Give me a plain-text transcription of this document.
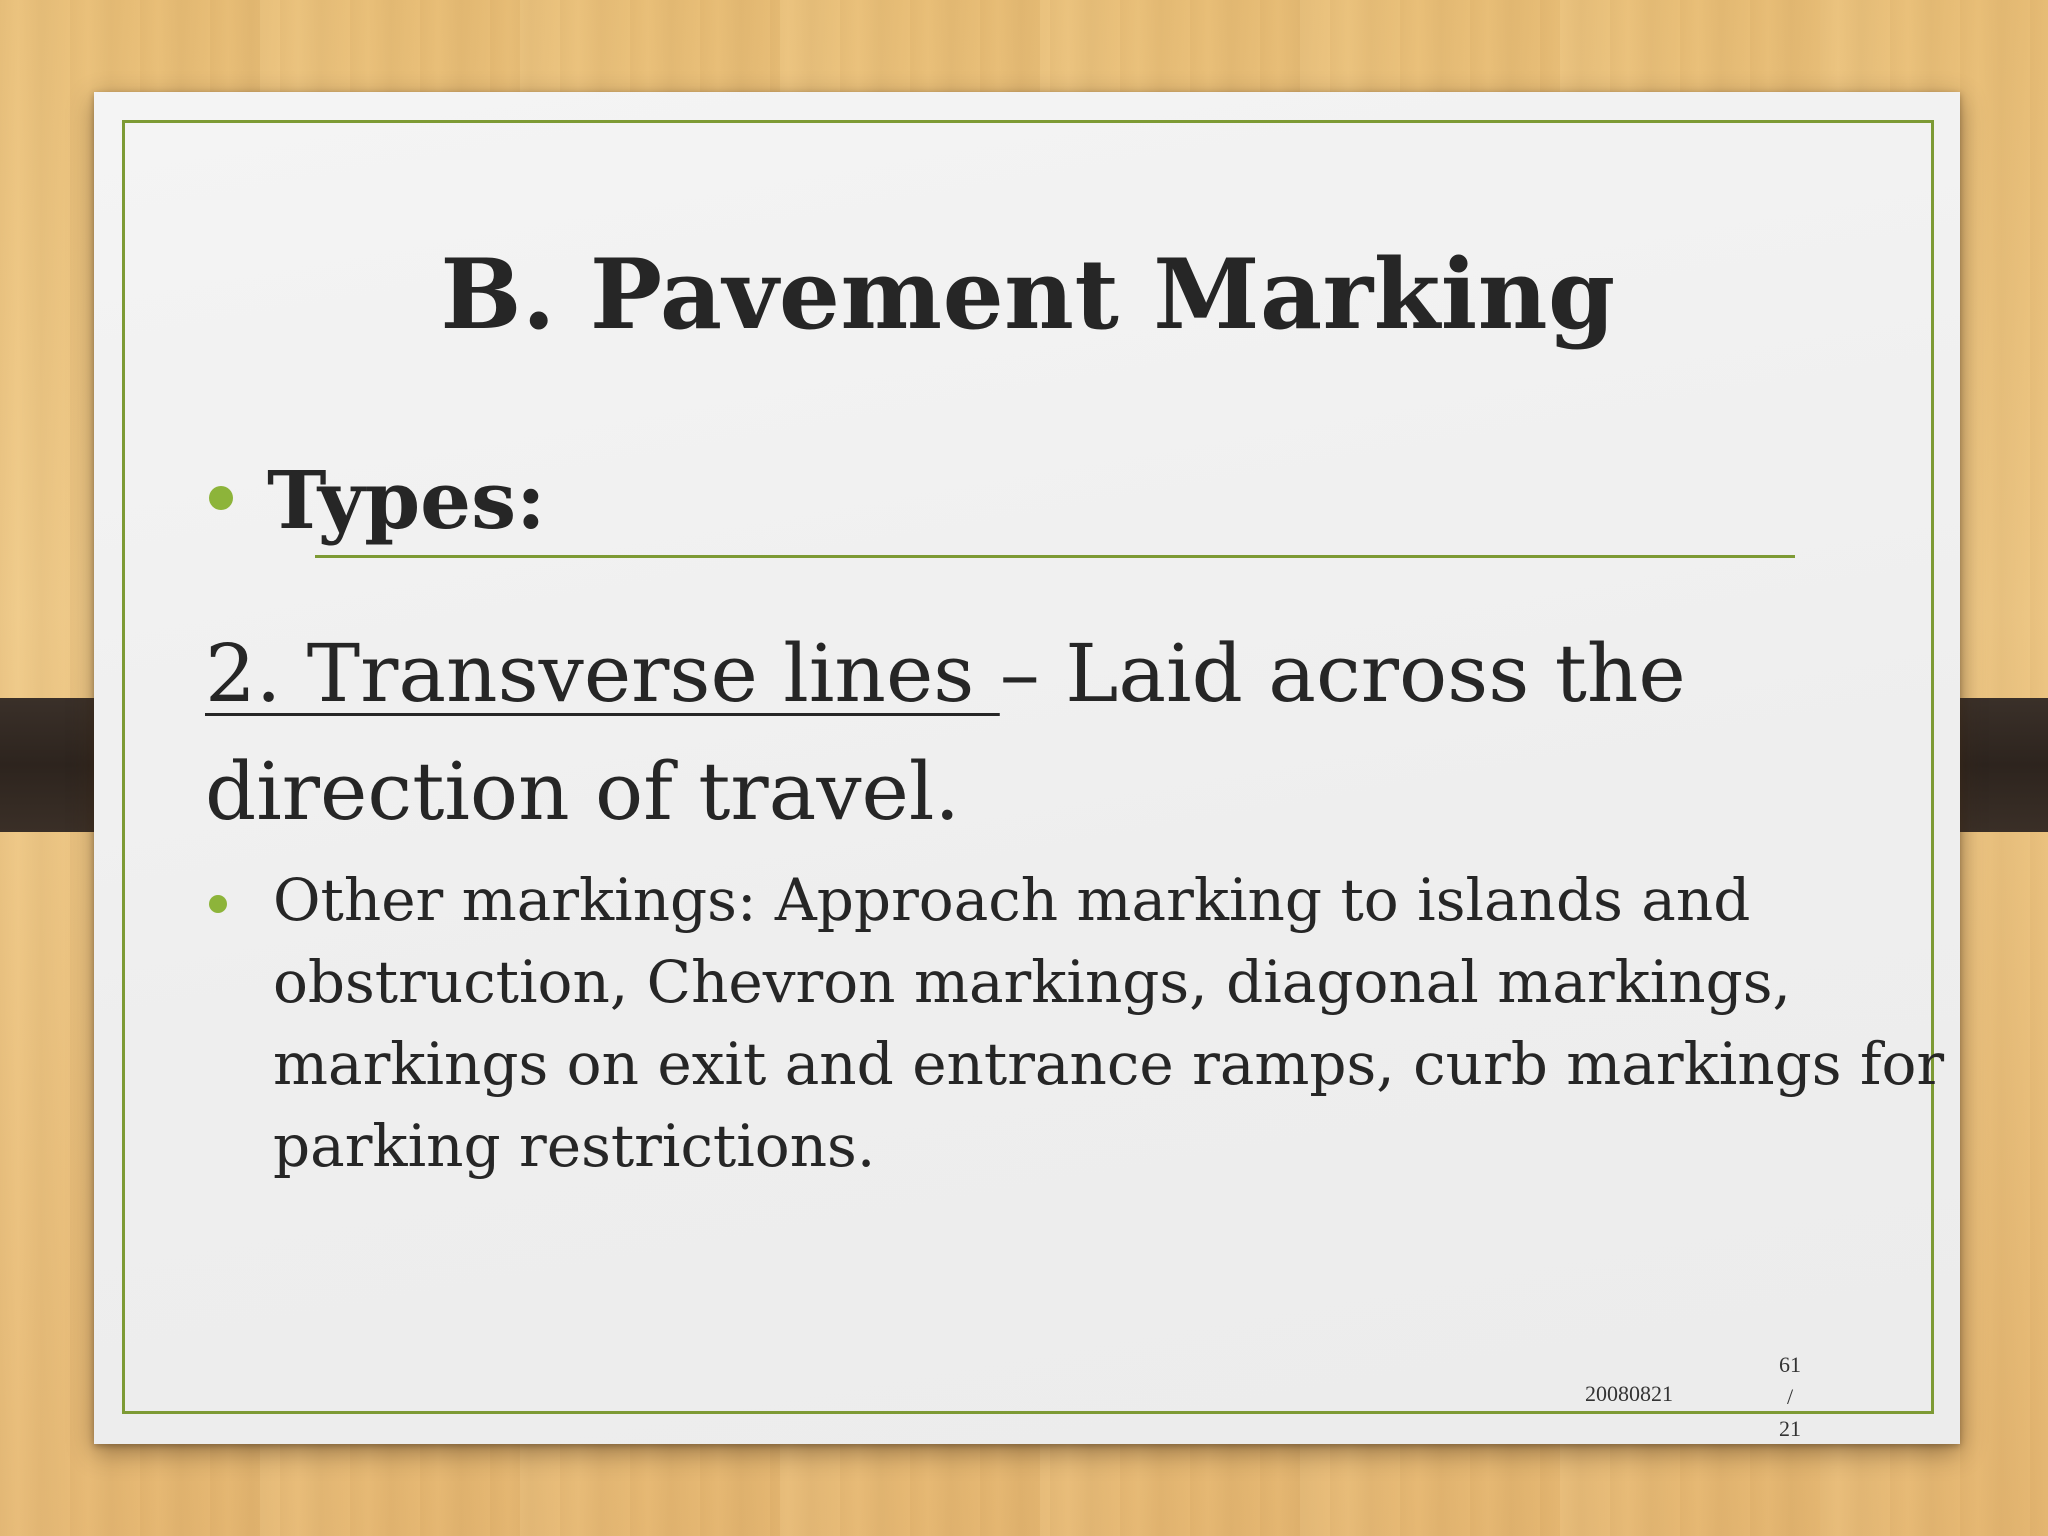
B. Pavement Marking
Types:
2. Transverse lines – Laid across the direction of travel.
Other markings: Approach marking to islands and obstruction, Chevron markings, diagonal markings, markings on exit and entrance ramps, curb markings for parking restrictions.
20080821
61
/
21
